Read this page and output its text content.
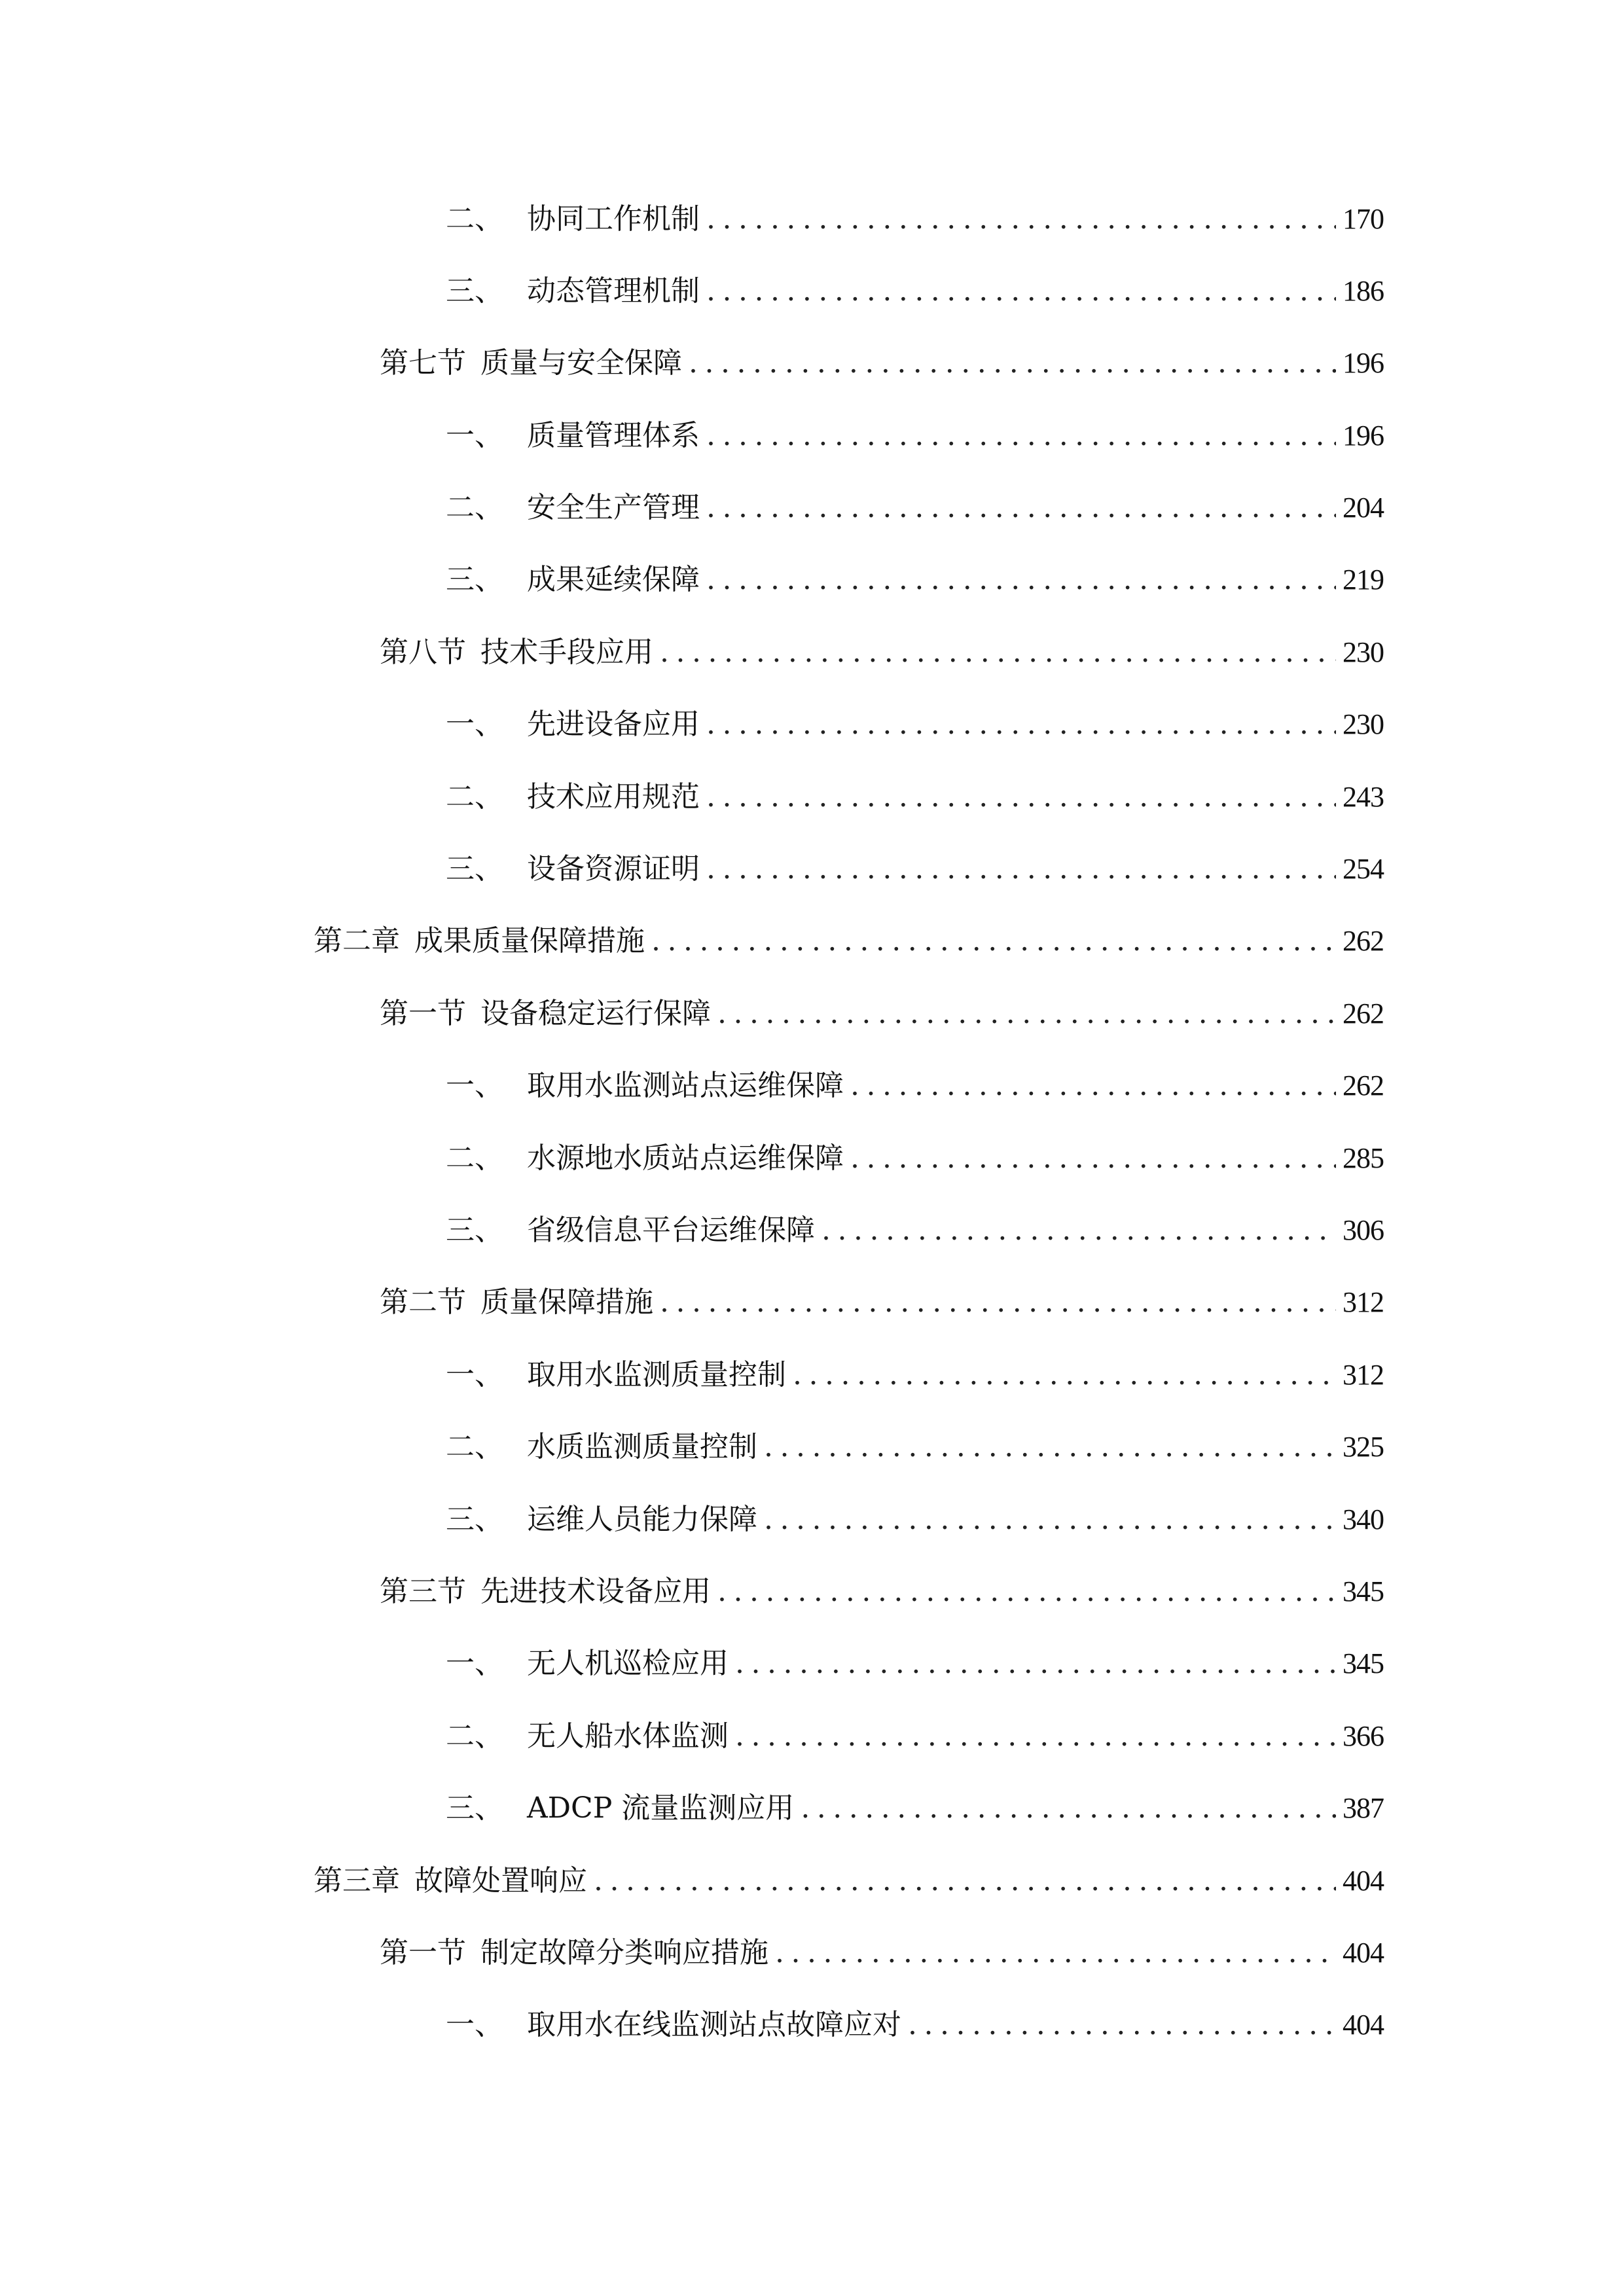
二、 协同工作机制 .....	170
三、 动态管理机制 .....	186
第七节 质量与安全保障 .....	196
一、 质量管理体系 .....	196
二、 安全生产管理 .....	204
三、 成果延续保障 .....	219
第八节 技术手段应用 .....	230
一、 先进设备应用 .....	230
二、 技术应用规范 .....	243
三、 设备资源证明 .....	254
第二章 成果质量保障措施 .....	262
第一节 设备稳定运行保障 .....	262
一、 取用水监测站点运维保障 .....	262
二、 水源地水质站点运维保障 .....	285
三、 省级信息平台运维保障 .....	306
第二节 质量保障措施 .....	312
一、 取用水监测质量控制 .....	312
二、 水质监测质量控制 .....	325
三、 运维人员能力保障 .....	340
第三节 先进技术设备应用 .....	345
一、 无人机巡检应用 .....	345
二、 无人船水体监测 .....	366
三、 ADCP 流量监测应用 .....	387
第三章 故障处置响应 .....	404
第一节 制定故障分类响应措施 .....	404
一、 取用水在线监测站点故障应对 .....	404
